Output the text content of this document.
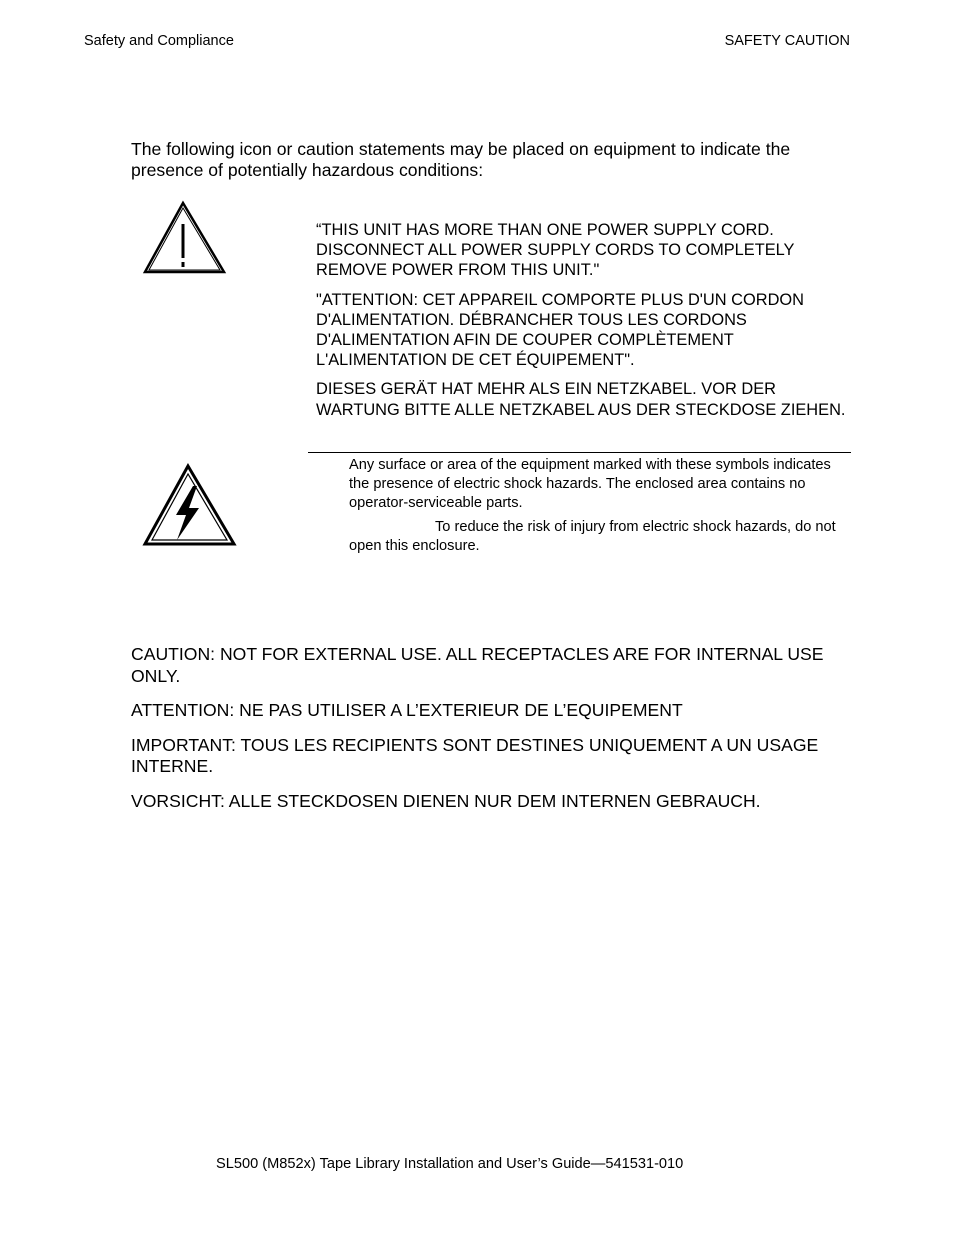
Safety and Compliance	SAFETY CAUTION

The following icon or caution statements may be placed on equipment to indicate the presence of potentially hazardous conditions:

“THIS UNIT HAS MORE THAN ONE POWER SUPPLY CORD. DISCONNECT ALL POWER SUPPLY CORDS TO COMPLETELY REMOVE POWER FROM THIS UNIT."

"ATTENTION: CET APPAREIL COMPORTE PLUS D'UN CORDON D'ALIMENTATION. DÉBRANCHER TOUS LES CORDONS D'ALIMENTATION AFIN DE COUPER COMPLÈTEMENT L'ALIMENTATION DE CET ÉQUIPEMENT".

DIESES GERÄT HAT MEHR ALS EIN NETZKABEL. VOR DER WARTUNG BITTE ALLE NETZKABEL AUS DER STECKDOSE ZIEHEN.

Any surface or area of the equipment marked with these symbols indicates the presence of electric shock hazards. The enclosed area contains no operator-serviceable parts.

To reduce the risk of injury from electric shock hazards, do not open this enclosure.

CAUTION: NOT FOR EXTERNAL USE. ALL RECEPTACLES ARE FOR INTERNAL USE ONLY.

ATTENTION: NE PAS UTILISER A L’EXTERIEUR DE L’EQUIPEMENT

IMPORTANT: TOUS LES RECIPIENTS SONT DESTINES UNIQUEMENT A UN USAGE INTERNE.

VORSICHT: ALLE STECKDOSEN DIENEN NUR DEM INTERNEN GEBRAUCH.

SL500 (M852x) Tape Library Installation and User’s Guide—541531-010
